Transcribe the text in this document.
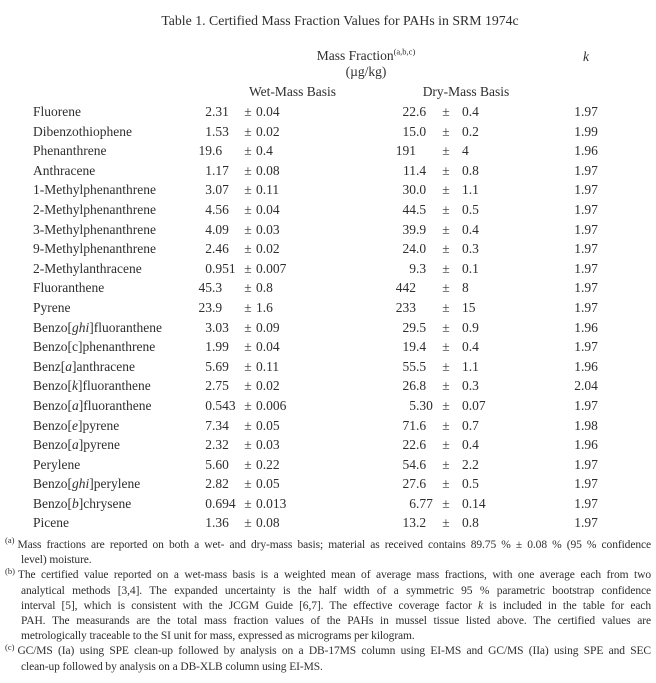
Table 1. Certified Mass Fraction Values for PAHs in SRM 1974c
Mass Fraction$^{(a,b,c)}$
(µg/kg)
k
Wet-Mass Basis	Dry-Mass Basis
Fluorene	2 .31	± 0.04	22 .6	± 0.4	1.97
Dibenzothiophene	1 .53	± 0.02	15 .0	± 0.2	1.99
Phenanthrene	19 .6	± 0.4	191	± 4	1.96
Anthracene	1 .17	± 0.08	11 .4	± 0.8	1.97
1-Methylphenanthrene	3 .07	± 0.11	30 .0	± 1.1	1.97
2-Methylphenanthrene	4 .56	± 0.04	44 .5	± 0.5	1.97
3-Methylphenanthrene	4 .09	± 0.03	39 .9	± 0.4	1.97
9-Methylphenanthrene	2 .46	± 0.02	24 .0	± 0.3	1.97
2-Methylanthracene	0 .951 ± 0.007	9 .3	± 0.1	1.97
Fluoranthene	45 .3	± 0.8	442	± 8	1.97
Pyrene	23 .9	± 1.6	233	± 15	1.97
Benzo[ghi]fluoranthene	3 .03	± 0.09	29 .5	± 0.9	1.96
Benzo[c]phenanthrene	1 .99	± 0.04	19 .4	± 0.4	1.97
Benz[a]anthracene	5 .69	± 0.11	55 .5	± 1.1	1.96
Benzo[k]fluoranthene	2 .75	± 0.02	26 .8	± 0.3	2.04
Benzo[a]fluoranthene	0 .543 ± 0.006	5 .30 ± 0.07	1.97
Benzo[e]pyrene	7 .34	± 0.05	71 .6	± 0.7	1.98
Benzo[a]pyrene	2 .32	± 0.03	22 .6	± 0.4	1.96
Perylene	5 .60	± 0.22	54 .6	± 2.2	1.97
Benzo[ghi]perylene	2 .82	± 0.05	27 .6	± 0.5	1.97
Benzo[b]chrysene	0 .694 ± 0.013	6 .77 ± 0.14	1.97
Picene	1 .36	± 0.08	13 .2	± 0.8	1.97
$^{(a)}$ Mass fractions are reported on both a wet- and dry-mass basis; material as received contains 89.75 % ± 0.08 % (95 % confidence
level) moisture.
$^{(b)}$ The certified value reported on a wet-mass basis is a weighted mean of average mass fractions, with one average each from two
analytical methods [3,4]. The expanded uncertainty is the half width of a symmetric 95 % parametric bootstrap confidence
interval [5], which is consistent with the JCGM Guide [6,7]. The effective coverage factor k is included in the table for each
PAH. The measurands are the total mass fraction values of the PAHs in mussel tissue listed above. The certified values are
metrologically traceable to the SI unit for mass, expressed as micrograms per kilogram.
$^{(c)}$ GC/MS (Ia) using SPE clean-up followed by analysis on a DB-17MS column using EI-MS and GC/MS (IIa) using SPE and SEC
clean-up followed by analysis on a DB-XLB column using EI-MS.
